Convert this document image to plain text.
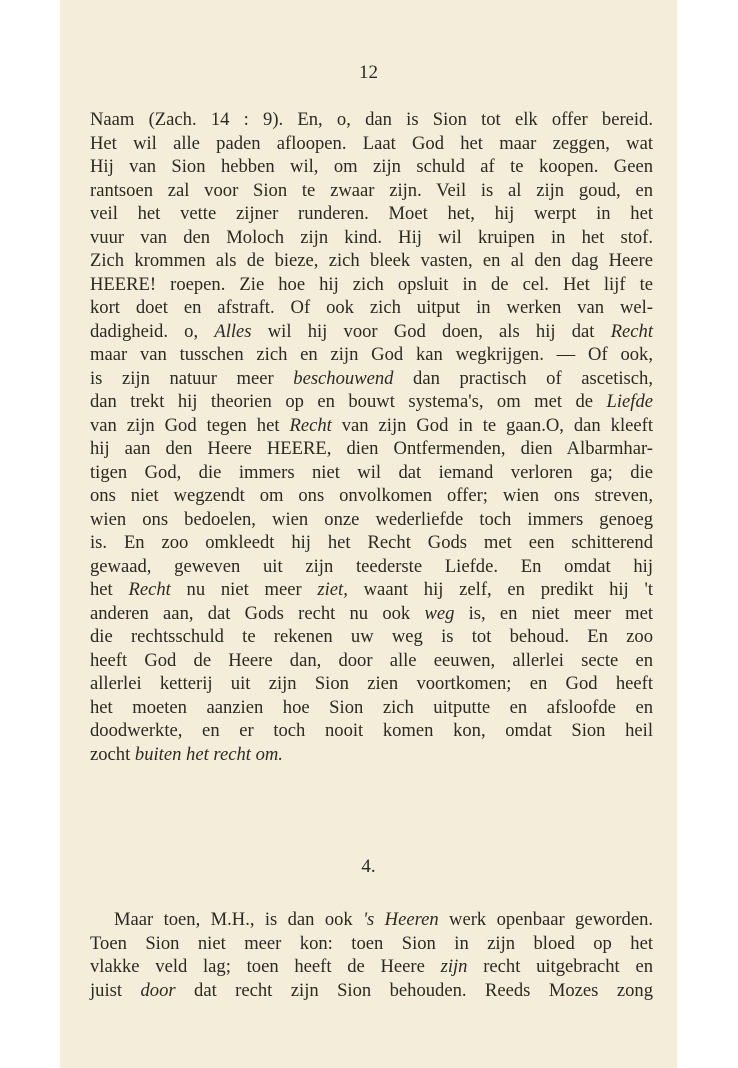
12
Naam (Zach. 14 : 9). En, o, dan is Sion tot elk offer bereid.
Het wil alle paden afloopen. Laat God het maar zeggen, wat
Hij van Sion hebben wil, om zijn schuld af te koopen. Geen
rantsoen zal voor Sion te zwaar zijn. Veil is al zijn goud, en
veil het vette zijner runderen. Moet het, hij werpt in het
vuur van den Moloch zijn kind. Hij wil kruipen in het stof.
Zich krommen als de bieze, zich bleek vasten, en al den dag Heere
HEERE! roepen. Zie hoe hij zich opsluit in de cel. Het lijf te
kort doet en afstraft. Of ook zich uitput in werken van wel-
dadigheid. o, Alles wil hij voor God doen, als hij dat Recht
maar van tusschen zich en zijn God kan wegkrijgen. — Of ook,
is zijn natuur meer beschouwend dan practisch of ascetisch,
dan trekt hij theorien op en bouwt systema's, om met de Liefde
van zijn God tegen het Recht van zijn God in te gaan.O, dan kleeft
hij aan den Heere HEERE, dien Ontfermenden, dien Albarmhar-
tigen God, die immers niet wil dat iemand verloren ga; die
ons niet wegzendt om ons onvolkomen offer; wien ons streven,
wien ons bedoelen, wien onze wederliefde toch immers genoeg
is. En zoo omkleedt hij het Recht Gods met een schitterend
gewaad, geweven uit zijn teederste Liefde. En omdat hij
het Recht nu niet meer ziet, waant hij zelf, en predikt hij 't
anderen aan, dat Gods recht nu ook weg is, en niet meer met
die rechtsschuld te rekenen uw weg is tot behoud. En zoo
heeft God de Heere dan, door alle eeuwen, allerlei secte en
allerlei ketterij uit zijn Sion zien voortkomen; en God heeft
het moeten aanzien hoe Sion zich uitputte en afsloofde en
doodwerkte, en er toch nooit komen kon, omdat Sion heil
zocht buiten het recht om.
4.
Maar toen, M.H., is dan ook 's Heeren werk openbaar geworden.
Toen Sion niet meer kon: toen Sion in zijn bloed op het
vlakke veld lag; toen heeft de Heere zijn recht uitgebracht en
juist door dat recht zijn Sion behouden. Reeds Mozes zong
